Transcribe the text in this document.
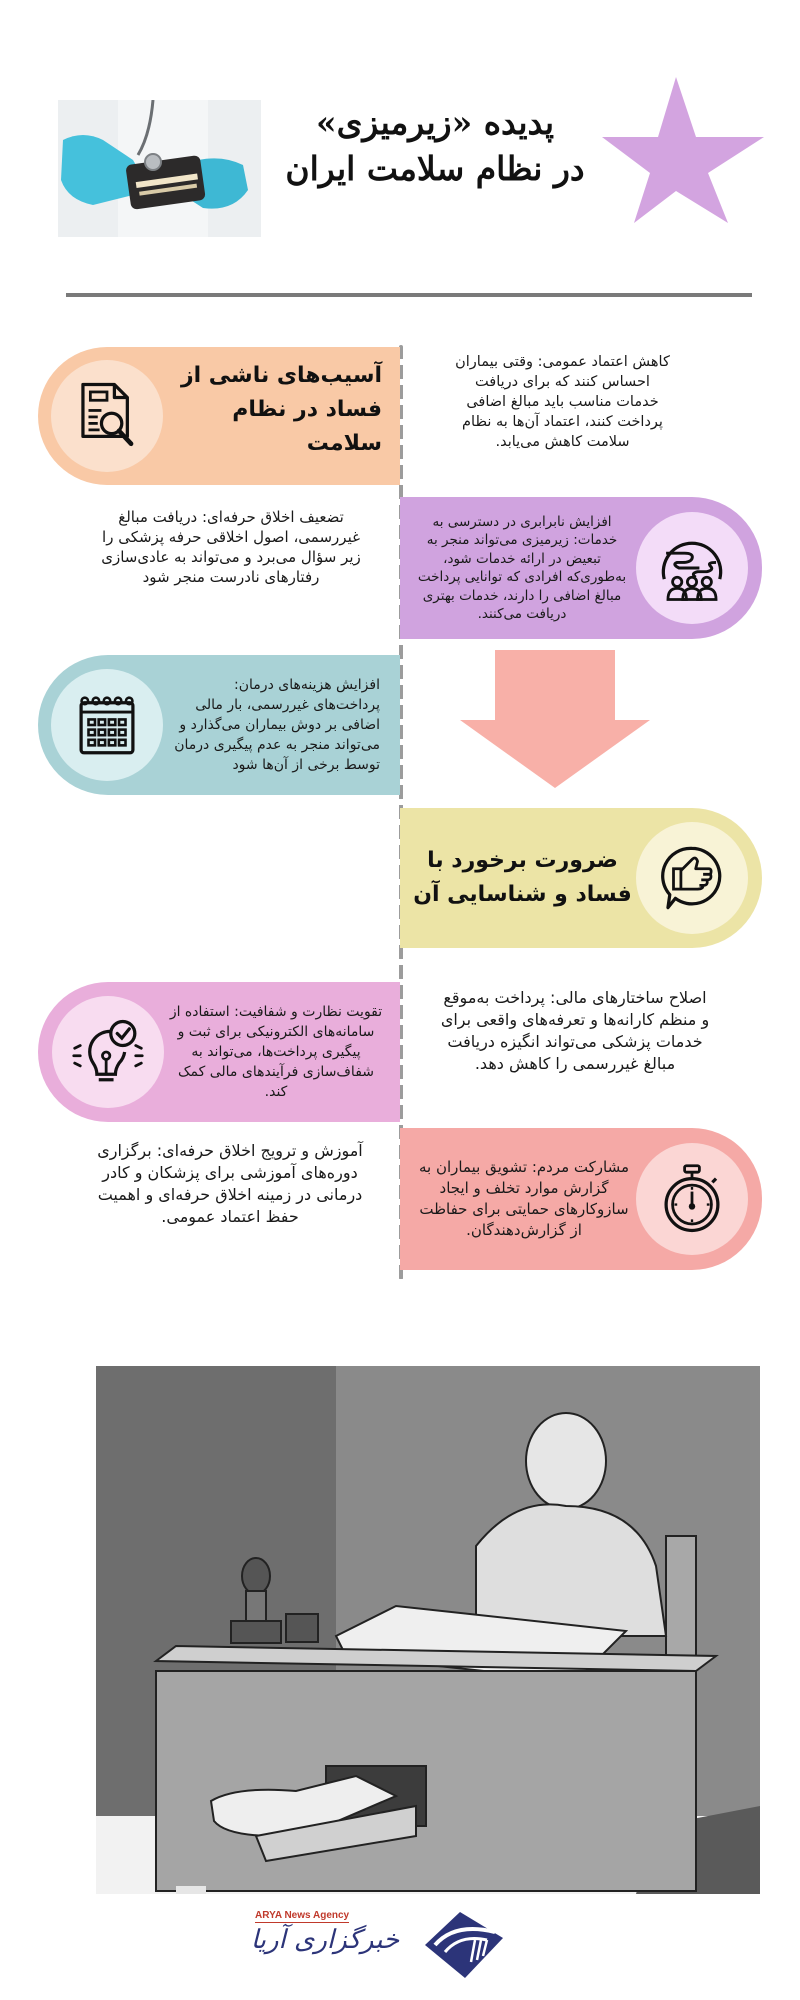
پدیده «زیرمیزی»
در نظام سلامت ایران
آسیب‌های ناشی از
فساد در نظام سلامت
کاهش اعتماد عمومی: وقتی بیماران احساس کنند که برای دریافت خدمات مناسب باید مبالغ اضافی پرداخت کنند، اعتماد آن‌ها به نظام سلامت کاهش می‌یابد.
افزایش نابرابری در دسترسی به خدمات: زیرمیزی می‌تواند منجر به تبعیض در ارائه خدمات شود، به‌طوری‌که افرادی که توانایی پرداخت مبالغ اضافی را دارند، خدمات بهتری دریافت می‌کنند.
تضعیف اخلاق حرفه‌ای: دریافت مبالغ غیررسمی، اصول اخلاقی حرفه پزشکی را زیر سؤال می‌برد و می‌تواند به عادی‌سازی رفتارهای نادرست منجر شود
افزایش هزینه‌های درمان: پرداخت‌های غیررسمی، بار مالی اضافی بر دوش بیماران می‌گذارد و می‌تواند منجر به عدم پیگیری درمان توسط برخی از آن‌ها شود
ضرورت برخورد با
فساد و شناسایی آن
تقویت نظارت و شفافیت: استفاده از سامانه‌های الکترونیکی برای ثبت و پیگیری پرداخت‌ها، می‌تواند به شفاف‌سازی فرآیندهای مالی کمک کند.
اصلاح ساختارهای مالی: پرداخت به‌موقع و منظم کارانه‌ها و تعرفه‌های واقعی برای خدمات پزشکی می‌تواند انگیزه دریافت مبالغ غیررسمی را کاهش دهد.
آموزش و ترویج اخلاق حرفه‌ای: برگزاری دوره‌های آموزشی برای پزشکان و کادر درمانی در زمینه اخلاق حرفه‌ای و اهمیت حفظ اعتماد عمومی.
مشارکت مردم: تشویق بیماران به گزارش موارد تخلف و ایجاد سازوکارهای حمایتی برای حفاظت از گزارش‌دهندگان.
ARYA News Agency
خبرگزاری آریا
